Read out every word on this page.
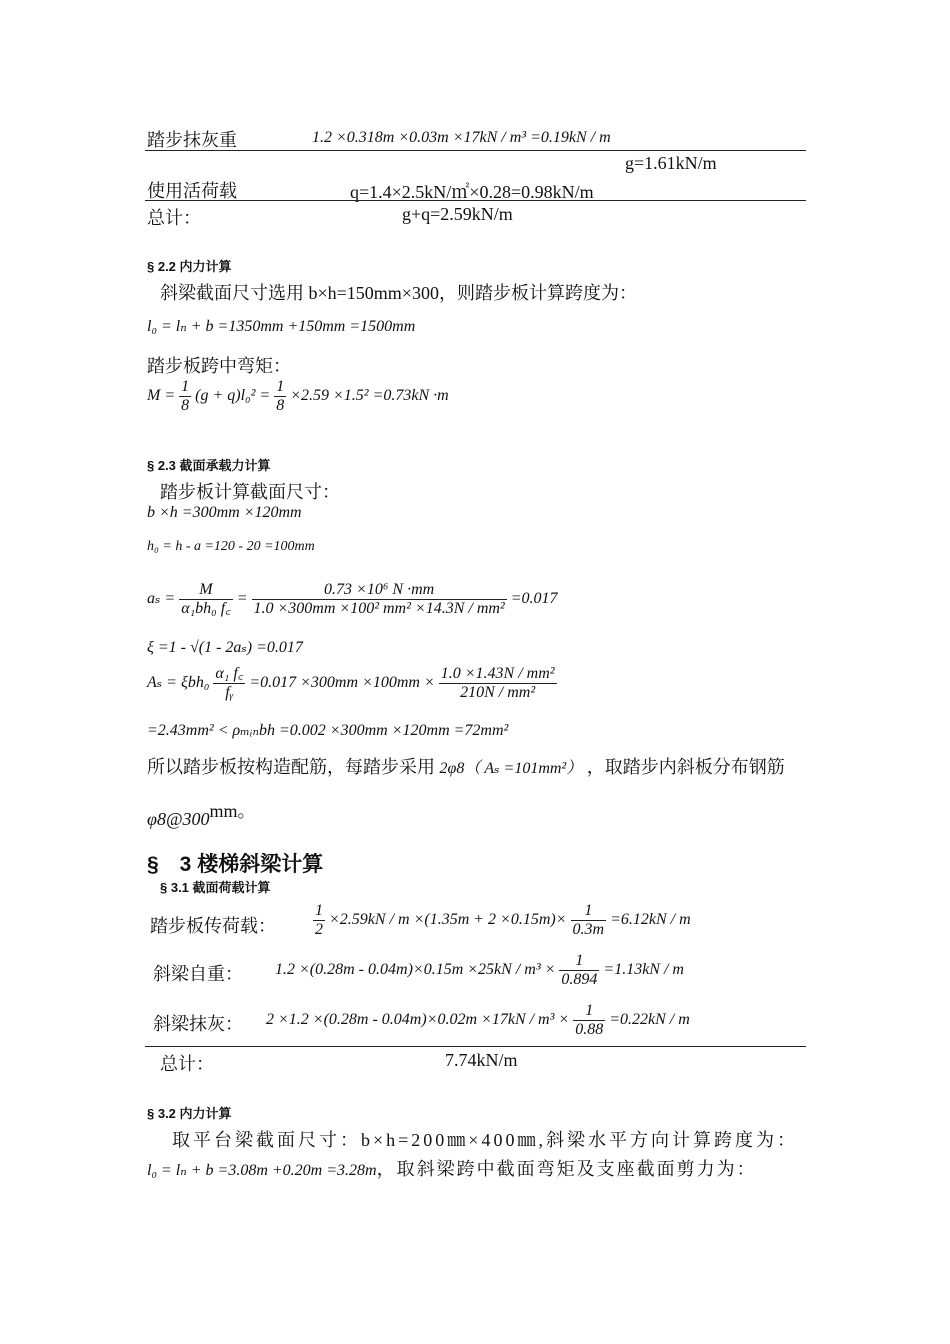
踏步抹灰重	1.2 ×0.318m ×0.03m ×17kN / m³ =0.19kN / m
g=1.61kN/m
使用活荷载	q=1.4×2.5kN/㎡×0.28=0.98kN/m
总计：	g+q=2.59kN/m
§ 2.2 内力计算
斜梁截面尺寸选用 b×h=150mm×300，则踏步板计算跨度为：
l₀ = lₙ + b =1350mm +150mm =1500mm
踏步板跨中弯矩：
$M = \frac{1}{8} (g + q)l_0^2 = \frac{1}{8} \times 2.59 \times 1.5^2 =0.73kN \cdot m$
§ 2.3 截面承载力计算
踏步板计算截面尺寸：
b ×h =300mm ×120mm
h₀ = h - a =120 - 20 =100mm
$a_s = \frac{M}{\text{α₁bh₀ f꜀}} = \frac{\text{0.73 ×10⁶ N ·mm}}{\text{1.0 ×300mm ×100² mm² ×14.3N / mm²}} =0.017$
ξ =1 - √(1 - 2aₛ) =0.017
$A_s = \xi bh_0 \frac{\text{α₁ f꜀}}{\text{fᵧ}} =0.017 \times 300mm \times 100mm \times \frac{\text{1.0 ×1.43N / mm²}}{\text{210N / mm²}}$
=2.43mm² < ρₘᵢₙbh =0.002 ×300mm ×120mm =72mm²
所以踏步板按构造配筋，每踏步采用 2φ8（ Aₛ =101mm²） ，取踏步内斜板分布钢筋
φ8@300mm。
§　3 楼梯斜梁计算
§ 3.1 截面荷载计算
踏步板传荷载： $\frac{1}{2} \times 2.59kN / m \times(1.35m + 2 \times 0.15m)\times \frac{1}{0.3m} =6.12kN / m$
斜梁自重： $1.2 \times(0.28m - 0.04m)\times 0.15m \times 25kN / m^3 \times \frac{1}{0.894} =1.13kN / m$
斜梁抹灰： $2 \times 1.2 \times(0.28m - 0.04m)\times 0.02m \times 17kN / m^3 \times \frac{1}{0.88} =0.22kN / m$
总计：	7.74kN/m
§ 3.2 内力计算
取平台梁截面尺寸：b×h=200㎜×400㎜,斜梁水平方向计算跨度为：
l₀ = lₙ + b =3.08m +0.20m =3.28m，取斜梁跨中截面弯矩及支座截面剪力为：
